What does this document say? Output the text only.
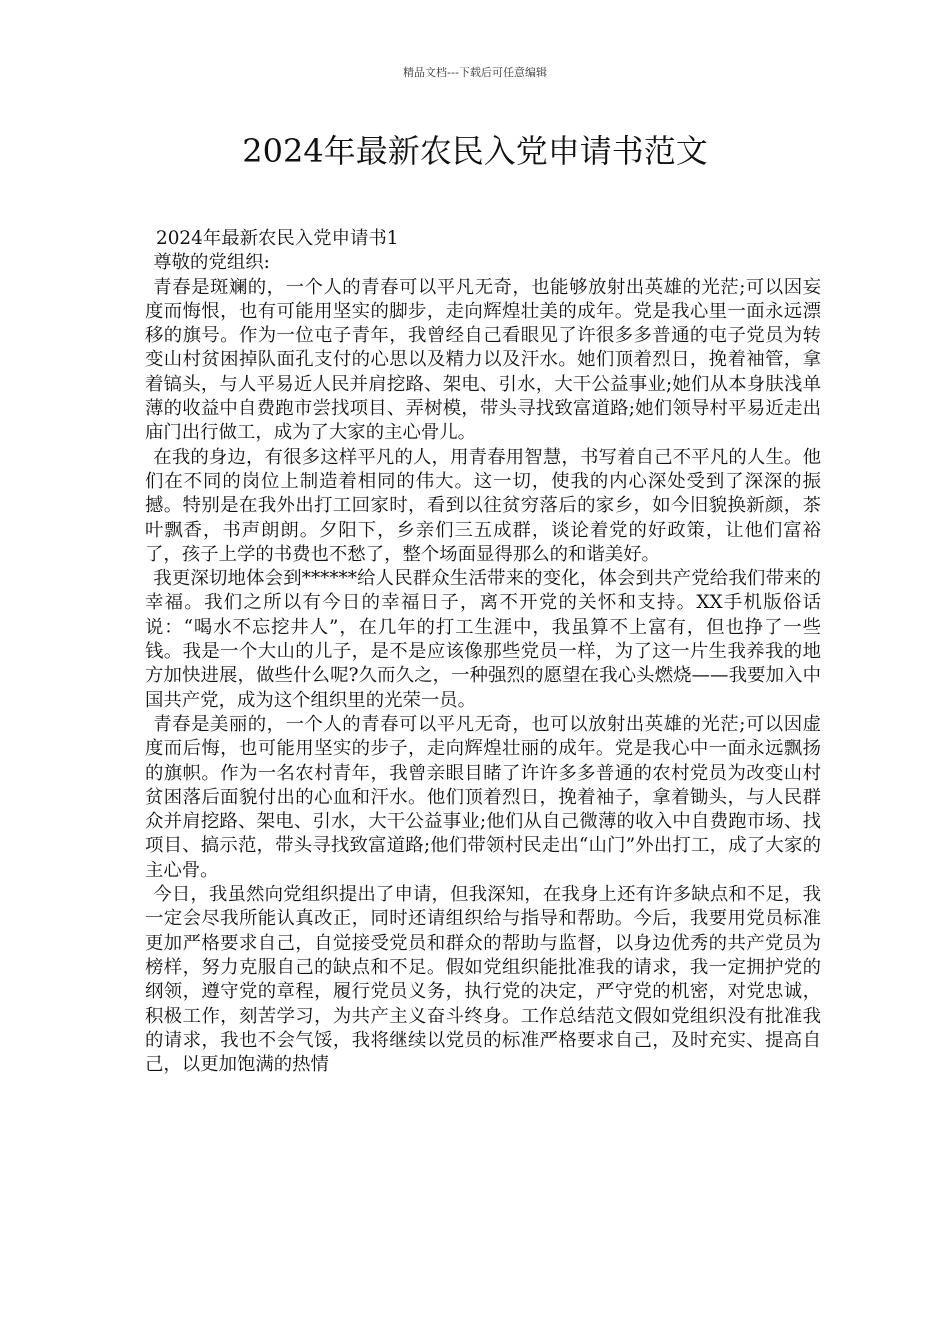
精品文档---下载后可任意编辑
2024年最新农民入党申请书范文

2024年最新农民入党申请书1

尊敬的党组织:

青春是斑斓的，一个人的青春可以平凡无奇，也能够放射出英雄的光茫;可以因妄度而悔恨，也有可能用坚实的脚步，走向辉煌壮美的成年。党是我心里一面永远漂移的旗号。作为一位屯子青年，我曾经自己看眼见了许很多多普通的屯子党员为转变山村贫困掉队面孔支付的心思以及精力以及汗水。她们顶着烈日，挽着袖管，拿着镐头，与人平易近人民并肩挖路、架电、引水，大干公益事业;她们从本身肤浅单薄的收益中自费跑市尝找项目、弄树模，带头寻找致富道路;她们领导村平易近走出庙门出行做工，成为了大家的主心骨儿。

在我的身边，有很多这样平凡的人，用青春用智慧，书写着自己不平凡的人生。他们在不同的岗位上制造着相同的伟大。这一切，使我的内心深处受到了深深的振撼。特别是在我外出打工回家时，看到以往贫穷落后的家乡，如今旧貌换新颜，茶叶飘香，书声朗朗。夕阳下，乡亲们三五成群，谈论着党的好政策，让他们富裕了，孩子上学的书费也不愁了，整个场面显得那么的和谐美好。

我更深切地体会到******给人民群众生活带来的变化，体会到共产党给我们带来的幸福。我们之所以有今日的幸福日子，离不开党的关怀和支持。XX手机版俗话说：“喝水不忘挖井人”，在几年的打工生涯中，我虽算不上富有，但也挣了一些钱。我是一个大山的儿子，是不是应该像那些党员一样，为了这一片生我养我的地方加快进展，做些什么呢?久而久之，一种强烈的愿望在我心头燃烧——我要加入中国共产党，成为这个组织里的光荣一员。

青春是美丽的，一个人的青春可以平凡无奇，也可以放射出英雄的光茫;可以因虚度而后悔，也可能用坚实的步子，走向辉煌壮丽的成年。党是我心中一面永远飘扬的旗帜。作为一名农村青年，我曾亲眼目睹了许许多多普通的农村党员为改变山村贫困落后面貌付出的心血和汗水。他们顶着烈日，挽着袖子，拿着锄头，与人民群众并肩挖路、架电、引水，大干公益事业;他们从自己微薄的收入中自费跑市场、找项目、搞示范，带头寻找致富道路;他们带领村民走出“山门”外出打工，成了大家的主心骨。

今日，我虽然向党组织提出了申请，但我深知，在我身上还有许多缺点和不足，我一定会尽我所能认真改正，同时还请组织给与指导和帮助。今后，我要用党员标准更加严格要求自己，自觉接受党员和群众的帮助与监督，以身边优秀的共产党员为榜样，努力克服自己的缺点和不足。假如党组织能批准我的请求，我一定拥护党的纲领，遵守党的章程，履行党员义务，执行党的决定，严守党的机密，对党忠诚，积极工作，刻苦学习，为共产主义奋斗终身。工作总结范文假如党组织没有批准我的请求，我也不会气馁，我将继续以党员的标准严格要求自己，及时充实、提高自己，以更加饱满的热情
